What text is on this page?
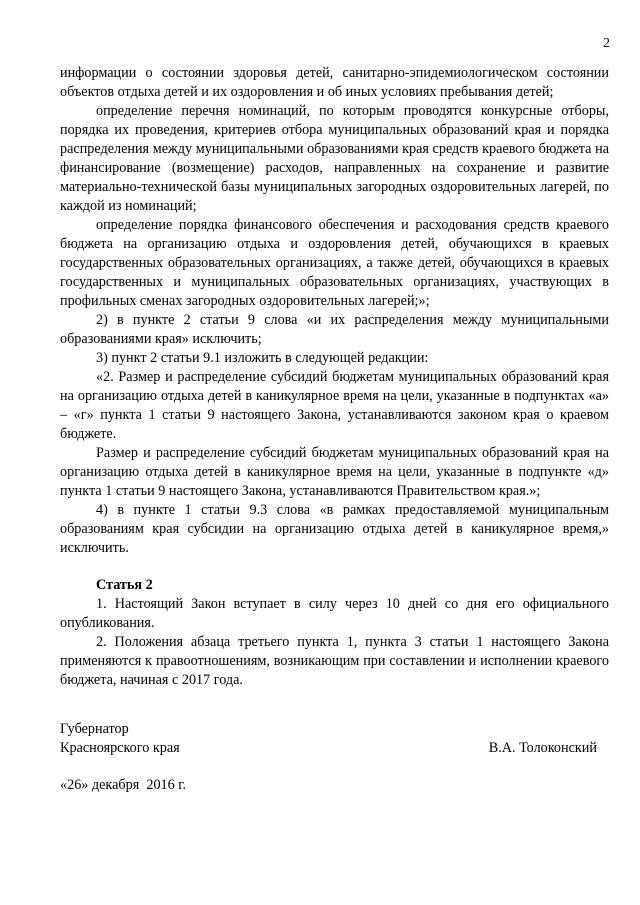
2

информации о состоянии здоровья детей, санитарно-эпидемиологическом состоянии объектов отдыха детей и их оздоровления и об иных условиях пребывания детей;

определение перечня номинаций, по которым проводятся конкурсные отборы, порядка их проведения, критериев отбора муниципальных образований края и порядка распределения между муниципальными образованиями края средств краевого бюджета на финансирование (возмещение) расходов, направленных на сохранение и развитие материально-технической базы муниципальных загородных оздоровительных лагерей, по каждой из номинаций;

определение порядка финансового обеспечения и расходования средств краевого бюджета на организацию отдыха и оздоровления детей, обучающихся в краевых государственных образовательных организациях, а также детей, обучающихся в краевых государственных и муниципальных образовательных организациях, участвующих в профильных сменах загородных оздоровительных лагерей;»;

2) в пункте 2 статьи 9 слова «и их распределения между муниципальными образованиями края» исключить;

3) пункт 2 статьи 9.1 изложить в следующей редакции:

«2. Размер и распределение субсидий бюджетам муниципальных образований края на организацию отдыха детей в каникулярное время на цели, указанные в подпунктах «а» – «г» пункта 1 статьи 9 настоящего Закона, устанавливаются законом края о краевом бюджете.

Размер и распределение субсидий бюджетам муниципальных образований края на организацию отдыха детей в каникулярное время на цели, указанные в подпункте «д» пункта 1 статьи 9 настоящего Закона, устанавливаются Правительством края.»;

4) в пункте 1 статьи 9.3 слова «в рамках предоставляемой муниципальным образованиям края субсидии на организацию отдыха детей в каникулярное время,» исключить.

Статья 2

1. Настоящий Закон вступает в силу через 10 дней со дня его официального опубликования.

2. Положения абзаца третьего пункта 1, пункта 3 статьи 1 настоящего Закона применяются к правоотношениям, возникающим при составлении и исполнении краевого бюджета, начиная с 2017 года.

Губернатор
Красноярского края	В.А. Толоконский
«26» декабря  2016 г.
